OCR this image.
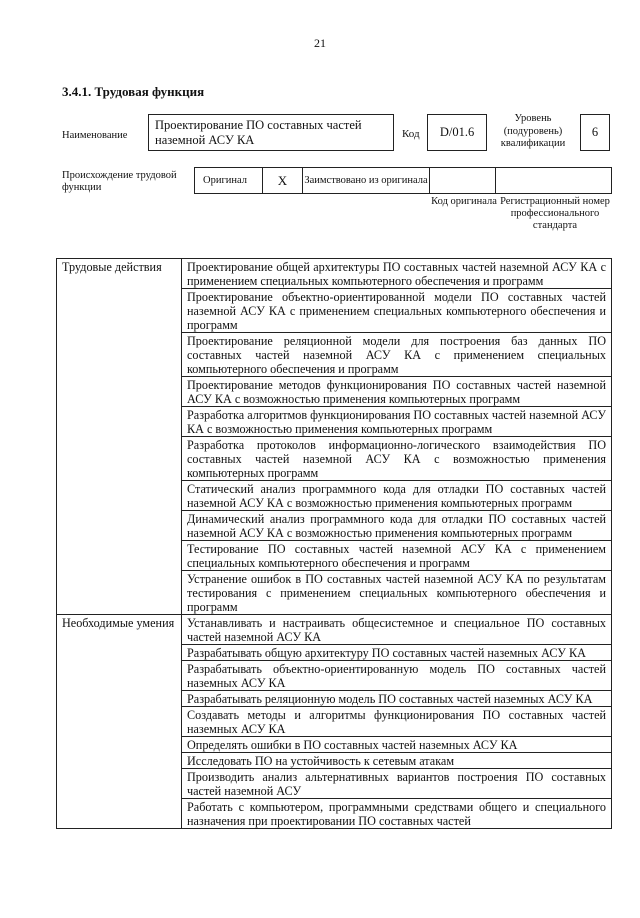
21
3.4.1. Трудовая функция
Наименование
Проектирование ПО составных частей наземной АСУ КА	Код D/01.6
Уровень (подуровень) квалификации
6
Происхождение трудовой функции
Оригинал	X	Заимствовано из оригинала
Код оригинала Регистрационный номер профессионального стандарта
Трудовые действия	Проектирование общей архитектуры ПО составных частей наземной АСУ КА с применением специальных компьютерного обеспечения и программ
	Проектирование объектно-ориентированной модели ПО составных частей наземной АСУ КА с применением специальных компьютерного обеспечения и программ
	Проектирование реляционной модели для построения баз данных ПО составных частей наземной АСУ КА с применением специальных компьютерного обеспечения и программ
	Проектирование методов функционирования ПО составных частей наземной АСУ КА с возможностью применения компьютерных программ
	Разработка алгоритмов функционирования ПО составных частей наземной АСУ КА с возможностью применения компьютерных программ
	Разработка протоколов информационно-логического взаимодействия ПО составных частей наземной АСУ КА с возможностью применения компьютерных программ
	Статический анализ программного кода для отладки ПО составных частей наземной АСУ КА с возможностью применения компьютерных программ
	Динамический анализ программного кода для отладки ПО составных частей наземной АСУ КА с возможностью применения компьютерных программ
	Тестирование ПО составных частей наземной АСУ КА с применением специальных компьютерного обеспечения и программ
	Устранение ошибок в ПО составных частей наземной АСУ КА по результатам тестирования с применением специальных компьютерного обеспечения и программ
Необходимые умения	Устанавливать и настраивать общесистемное и специальное ПО составных частей наземной АСУ КА
	Разрабатывать общую архитектуру ПО составных частей наземных АСУ КА
	Разрабатывать объектно-ориентированную модель ПО составных частей наземных АСУ КА
	Разрабатывать реляционную модель ПО составных частей наземных АСУ КА
	Создавать методы и алгоритмы функционирования ПО составных частей наземных АСУ КА
	Определять ошибки в ПО составных частей наземных АСУ КА
	Исследовать ПО на устойчивость к сетевым атакам
	Производить анализ альтернативных вариантов построения ПО составных частей наземной АСУ
	Работать с компьютером, программными средствами общего и специального назначения при проектировании ПО составных частей
